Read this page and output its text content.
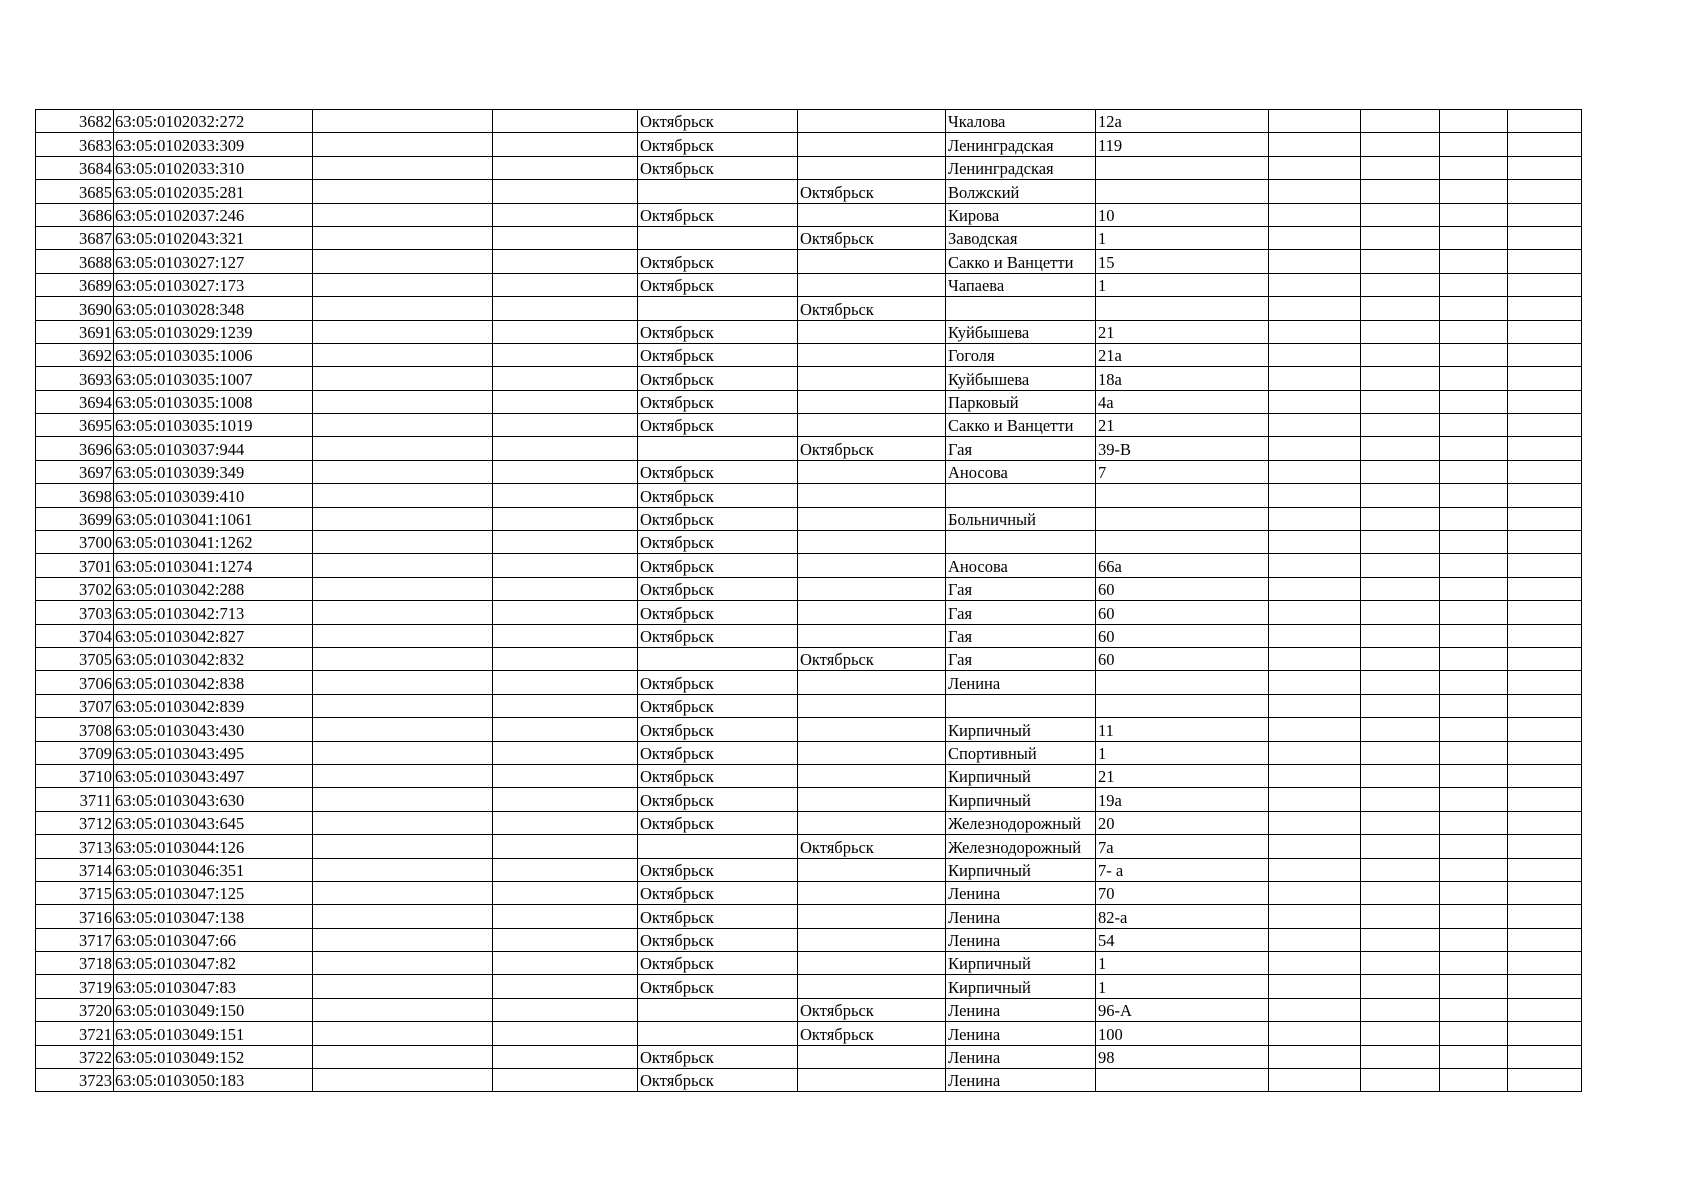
3682	63:05:0102032:272			Октябрьск		Чкалова	12а				
3683	63:05:0102033:309			Октябрьск		Ленинградская	119				
3684	63:05:0102033:310			Октябрьск		Ленинградская					
3685	63:05:0102035:281				Октябрьск	Волжский					
3686	63:05:0102037:246			Октябрьск		Кирова	10				
3687	63:05:0102043:321				Октябрьск	Заводская	1				
3688	63:05:0103027:127			Октябрьск		Сакко и Ванцетти	15				
3689	63:05:0103027:173			Октябрьск		Чапаева	1				
3690	63:05:0103028:348				Октябрьск						
3691	63:05:0103029:1239			Октябрьск		Куйбышева	21				
3692	63:05:0103035:1006			Октябрьск		Гоголя	21а				
3693	63:05:0103035:1007			Октябрьск		Куйбышева	18а				
3694	63:05:0103035:1008			Октябрьск		Парковый	4а				
3695	63:05:0103035:1019			Октябрьск		Сакко и Ванцетти	21				
3696	63:05:0103037:944				Октябрьск	Гая	39-В				
3697	63:05:0103039:349			Октябрьск		Аносова	7				
3698	63:05:0103039:410			Октябрьск							
3699	63:05:0103041:1061			Октябрьск		Больничный					
3700	63:05:0103041:1262			Октябрьск							
3701	63:05:0103041:1274			Октябрьск		Аносова	66а				
3702	63:05:0103042:288			Октябрьск		Гая	60				
3703	63:05:0103042:713			Октябрьск		Гая	60				
3704	63:05:0103042:827			Октябрьск		Гая	60				
3705	63:05:0103042:832				Октябрьск	Гая	60				
3706	63:05:0103042:838			Октябрьск		Ленина					
3707	63:05:0103042:839			Октябрьск							
3708	63:05:0103043:430			Октябрьск		Кирпичный	11				
3709	63:05:0103043:495			Октябрьск		Спортивный	1				
3710	63:05:0103043:497			Октябрьск		Кирпичный	21				
3711	63:05:0103043:630			Октябрьск		Кирпичный	19а				
3712	63:05:0103043:645			Октябрьск		Железнодорожный	20				
3713	63:05:0103044:126				Октябрьск	Железнодорожный	7а				
3714	63:05:0103046:351			Октябрьск		Кирпичный	7- а				
3715	63:05:0103047:125			Октябрьск		Ленина	70				
3716	63:05:0103047:138			Октябрьск		Ленина	82-а				
3717	63:05:0103047:66			Октябрьск		Ленина	54				
3718	63:05:0103047:82			Октябрьск		Кирпичный	1				
3719	63:05:0103047:83			Октябрьск		Кирпичный	1				
3720	63:05:0103049:150				Октябрьск	Ленина	96-А				
3721	63:05:0103049:151				Октябрьск	Ленина	100				
3722	63:05:0103049:152			Октябрьск		Ленина	98				
3723	63:05:0103050:183			Октябрьск		Ленина					
